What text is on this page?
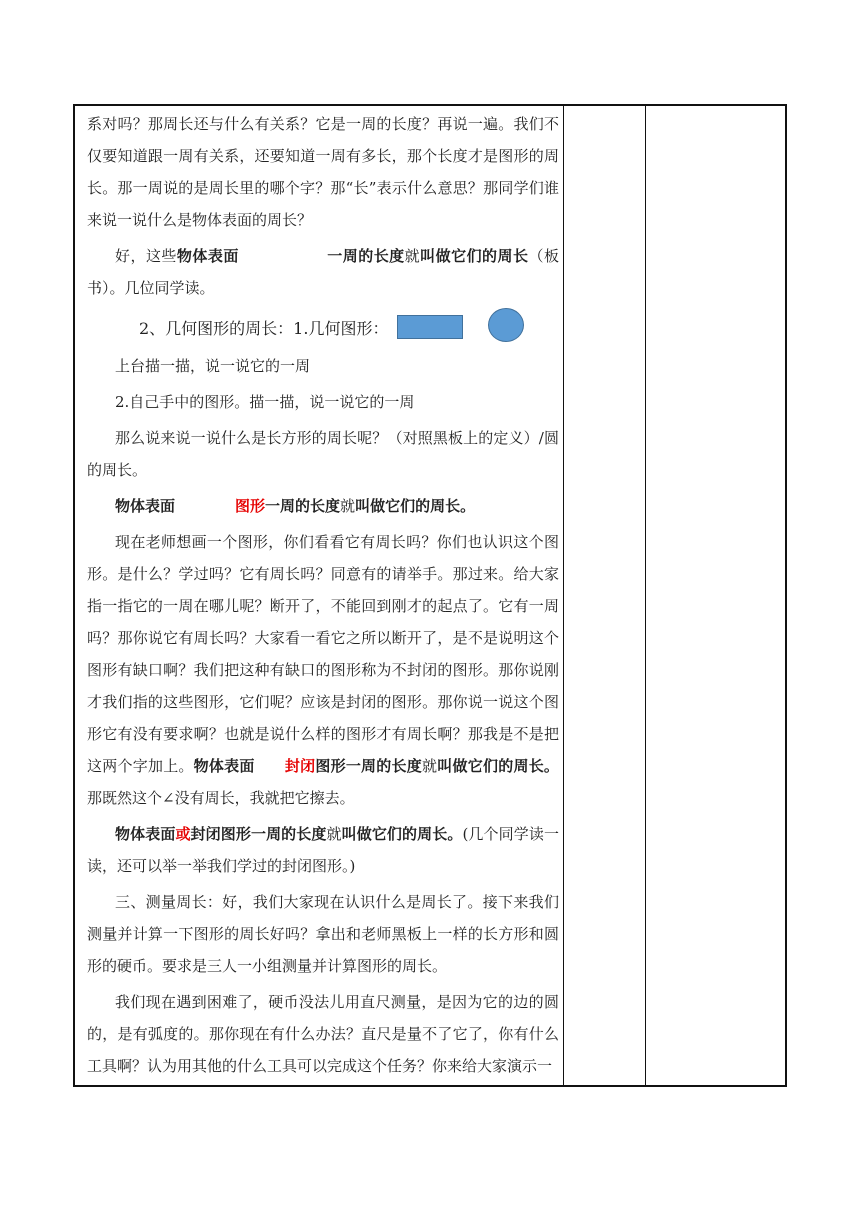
系对吗？那周长还与什么有关系？它是一周的长度？再说一遍。我们不仅要知道跟一周有关系，还要知道一周有多长，那个长度才是图形的周长。那一周说的是周长里的哪个字？那“长”表示什么意思？那同学们谁来说一说什么是物体表面的周长？

好，这些物体表面	一周的长度就叫做它们的周长（板书）。几位同学读。

2、几何图形的周长：1.几何图形：

上台描一描，说一说它的一周

2.自己手中的图形。描一描，说一说它的一周

那么说来说一说什么是长方形的周长呢？（对照黑板上的定义）/圆的周长。

物体表面	图形一周的长度就叫做它们的周长。

现在老师想画一个图形，你们看看它有周长吗？你们也认识这个图形。是什么？学过吗？它有周长吗？同意有的请举手。那过来。给大家指一指它的一周在哪儿呢？断开了，不能回到刚才的起点了。它有一周吗？那你说它有周长吗？大家看一看它之所以断开了，是不是说明这个图形有缺口啊？我们把这种有缺口的图形称为不封闭的图形。那你说刚才我们指的这些图形，它们呢？应该是封闭的图形。那你说一说这个图形它有没有要求啊？也就是说什么样的图形才有周长啊？那我是不是把这两个字加上。物体表面 封闭图形一周的长度就叫做它们的周长。那既然这个∠没有周长，我就把它擦去。

物体表面或封闭图形一周的长度就叫做它们的周长。(几个同学读一读，还可以举一举我们学过的封闭图形。)

三、测量周长：好，我们大家现在认识什么是周长了。接下来我们测量并计算一下图形的周长好吗？拿出和老师黑板上一样的长方形和圆形的硬币。要求是三人一小组测量并计算图形的周长。

我们现在遇到困难了，硬币没法儿用直尺测量，是因为它的边的圆的，是有弧度的。那你现在有什么办法？直尺是量不了它了，你有什么工具啊？认为用其他的什么工具可以完成这个任务？你来给大家演示一
